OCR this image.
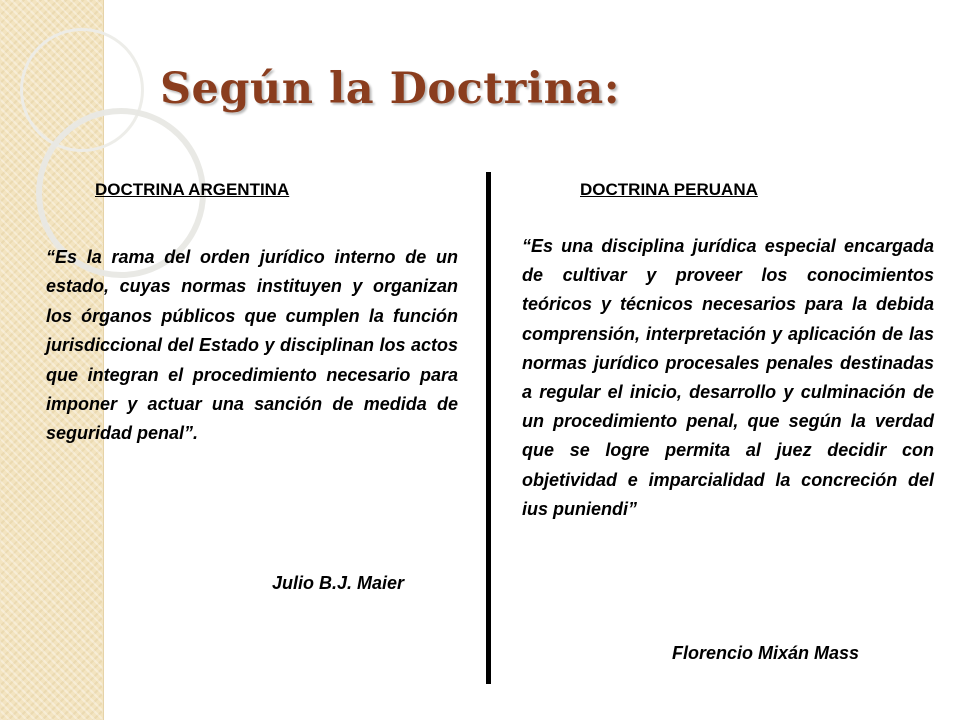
Según la Doctrina:
DOCTRINA ARGENTINA	DOCTRINA PERUANA

“Es la rama del orden jurídico interno de un estado, cuyas normas instituyen y organizan los órganos públicos que cumplen la función jurisdiccional del Estado y disciplinan los actos que integran el procedimiento necesario para imponer y actuar una sanción de medida de seguridad penal”.

“Es una disciplina jurídica especial encargada de cultivar y proveer los conocimientos teóricos y técnicos necesarios para la debida comprensión, interpretación y aplicación de las normas jurídico procesales penales destinadas a regular el inicio, desarrollo y culminación de un procedimiento penal, que según la verdad que se logre permita al juez decidir con objetividad e imparcialidad la concreción del ius puniendi”

Julio B.J. Maier
Florencio Mixán Mass
